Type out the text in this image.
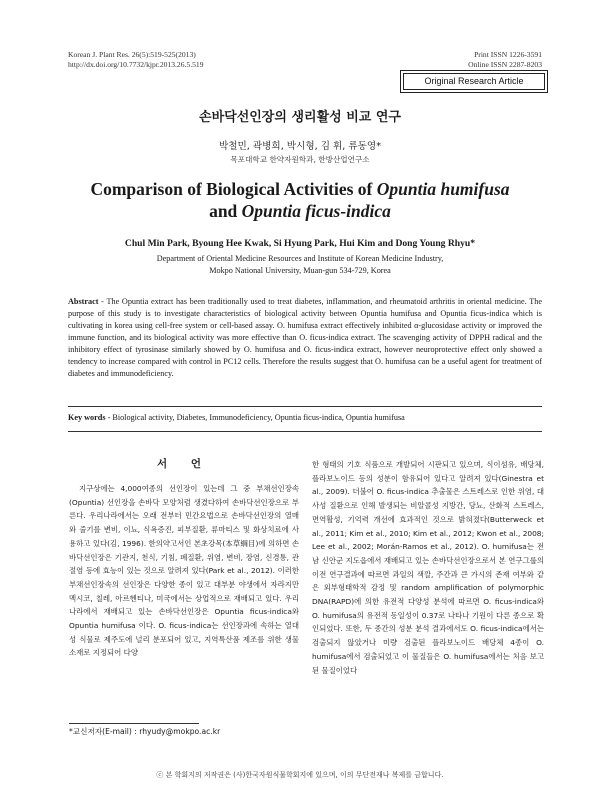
Korean J. Plant Res. 26(5):519-525(2013)
http://dx.doi.org/10.7732/kjpr.2013.26.5.519
Print ISSN 1226-3591
Online ISSN 2287-8203
Original Research Article
손바닥선인장의 생리활성 비교 연구
박철민, 곽병희, 박시형, 김 휘, 류동영*
목포대학교 한약자원학과, 한방산업연구소
Comparison of Biological Activities of Opuntia humifusa
and Opuntia ficus-indica
Chul Min Park, Byoung Hee Kwak, Si Hyung Park, Hui Kim and Dong Young Rhyu*
Department of Oriental Medicine Resources and Institute of Korean Medicine Industry,
Mokpo National University, Muan-gun 534-729, Korea
Abstract - The Opuntia extract has been traditionally used to treat diabetes, inflammation, and rheumatoid arthritis in oriental medicine. The purpose of this study is to investigate characteristics of biological activity between Opuntia humifusa and Opuntia ficus-indica which is cultivating in korea using cell-free system or cell-based assay. O. humifusa extract effectively inhibited α-glucosidase activity or improved the immune function, and its biological activity was more effective than O. ficus-indica extract. The scavenging activity of DPPH radical and the inhibitory effect of tyrosinase similarly showed by O. humifusa and O. ficus-indica extract, however neuroprotective effect only showed a tendency to increase compared with control in PC12 cells. Therefore the results suggest that O. humifusa can be a useful agent for treatment of diabetes and immunodeficiency.
Key words - Biological activity, Diabetes, Immunodeficiency, Opuntia ficus-indica, Opuntia humifusa
서 언

지구상에는 4,000여종의 선인장이 있는데 그 중 부채선인장속(Opuntia) 선인장을 손바닥 모양처럼 생겼다하여 손바닥선인장으로 부른다. 우리나라에서는 오래 전부터 민간요법으로 손바닥선인장의 열매와 줄기를 변비, 이뇨, 식욕증진, 피부질환, 류마티스 및 화상치료에 사용하고 있다(김, 1996). 한의약고서인 본초강목(本草綱目)에 의하면 손바닥선인장은 기관지, 천식, 기침, 폐질환, 위염, 변비, 장염, 신경통, 관절염 등에 효능이 있는 것으로 알려져 있다(Park et al., 2012). 이러한 부채선인장속의 선인장은 다양한 종이 있고 대부분 야생에서 자라지만 멕시코, 칠레, 아르헨티나, 미국에서는 상업적으로 재배되고 있다. 우리나라에서 재배되고 있는 손바닥선인장은 Opuntia ficus-indica와 Opuntia humifusa 이다. O. ficus-indica는 선인장과에 속하는 열대성 식물로 제주도에 널리 분포되어 있고, 지역특산품 제조를 위한 생물소재로 지정되어 다양

한 형태의 기호 식품으로 개발되어 시판되고 있으며, 식이섬유, 배당체, 플라보노이드 등의 성분이 함유되어 있다고 알려져 있다(Ginestra et al., 2009). 더불어 O. ficus-indica 추출물은 스트레스로 인한 위염, 대사성 질환으로 인해 발생되는 비알콜성 지방간, 당뇨, 산화적 스트레스, 면역활성, 기억력 개선에 효과적인 것으로 밝혀졌다(Butterweck et al., 2011; Kim et al., 2010; Kim et al., 2012; Kwon et al., 2008; Lee et al., 2002; Morán-Ramos et al., 2012). O. humifusa는 전남 신안군 지도읍에서 재배되고 있는 손바닥선인장으로서 본 연구그룹의 이전 연구결과에 따르면 과일의 색깔, 주간과 큰 가시의 존재 여부와 같은 외부형태학적 감정 및 random amplification of polymorphic DNA(RAPD)에 의한 유전적 다양성 분석에 따르면 O. ficus-indica와 O. humifusa의 유전적 동일성이 0.37로 나타나 기원이 다른 종으로 확인되었다. 또한, 두 종간의 성분 분석 결과에서도 O. ficus-indica에서는 검출되지 않았거나 미량 검출된 플라보노이드 배당체 4종이 O. humifusa에서 검출되었고 이 물질들은 O. humifusa에서는 처음 보고된 물질이었다

*교신저자(E-mail) : rhyudy@mokpo.ac.kr
ⓒ 본 학회지의 저작권은 (사)한국자원식물학회지에 있으며, 이의 무단전재나 복제를 금합니다.
